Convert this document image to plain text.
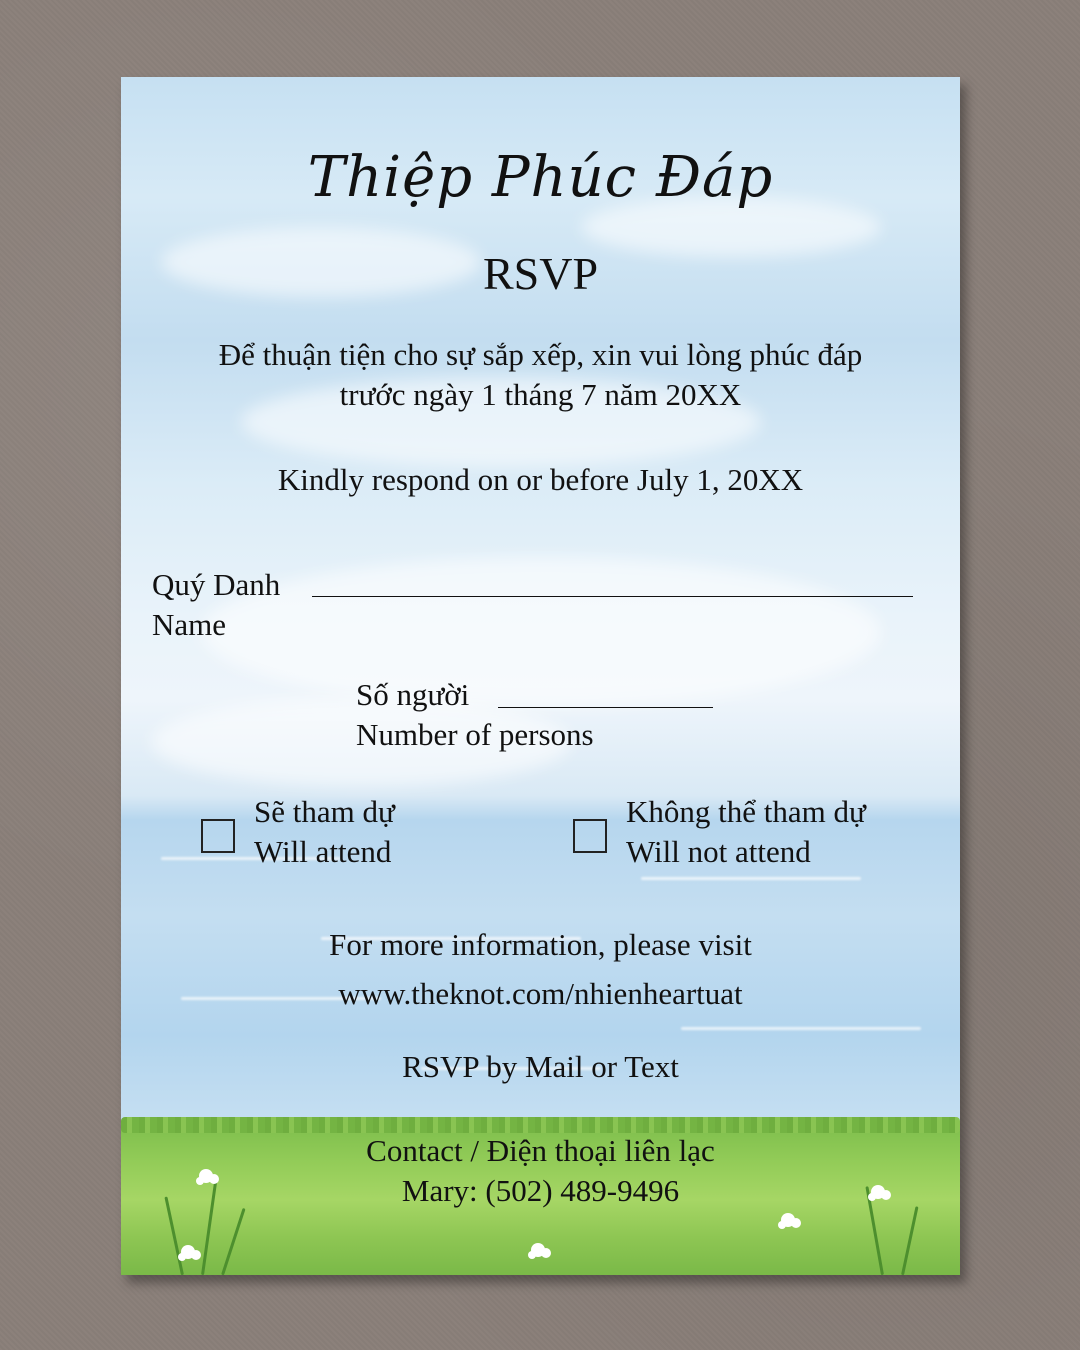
Thiệp Phúc Đáp
RSVP
Để thuận tiện cho sự sắp xếp, xin vui lòng phúc đáp
trước ngày 1 tháng 7 năm 20XX
Kindly respond on or before July 1, 20XX
Quý Danh
Name
Số người
Number of persons
Sẽ tham dự
Will attend
Không thể tham dự
Will not attend
For more information, please visit
www.theknot.com/nhienheartuat
RSVP by Mail or Text
Contact / Điện thoại liên lạc
Mary: (502) 489-9496
